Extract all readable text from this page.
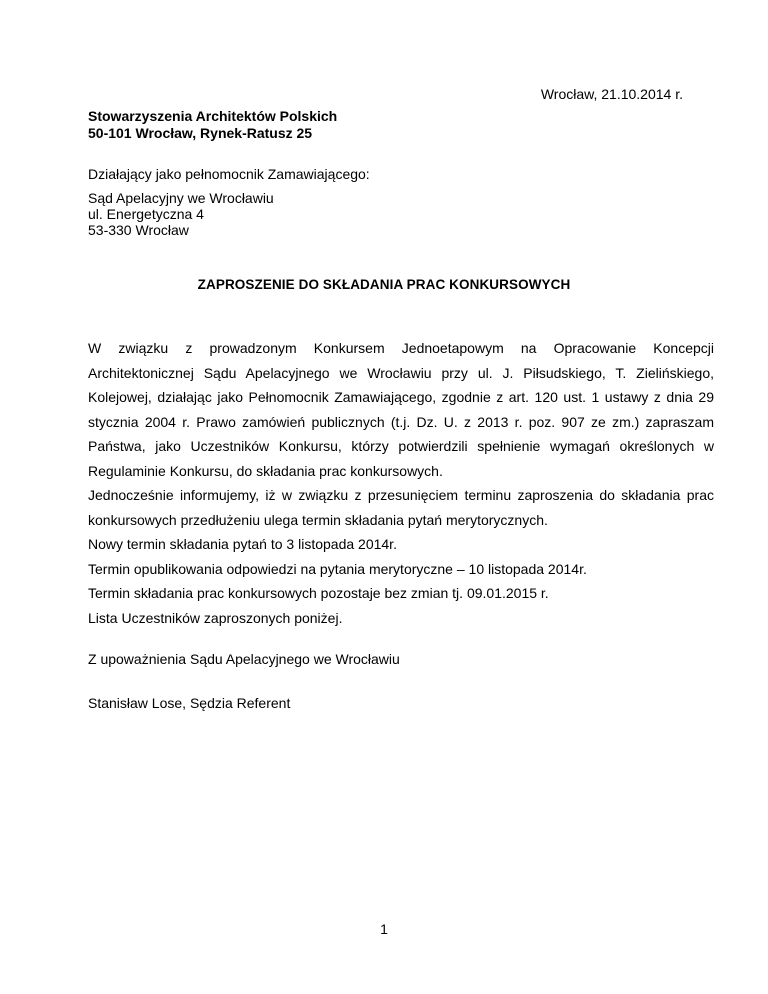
Wrocław, 21.10.2014 r.
Stowarzyszenia Architektów Polskich
50-101 Wrocław, Rynek-Ratusz 25
Działający jako pełnomocnik Zamawiającego:
Sąd Apelacyjny we Wrocławiu
ul. Energetyczna 4
53-330 Wrocław
ZAPROSZENIE DO SKŁADANIA PRAC KONKURSOWYCH

W związku z prowadzonym Konkursem Jednoetapowym na Opracowanie Koncepcji Architektonicznej Sądu Apelacyjnego we Wrocławiu przy ul. J. Piłsudskiego, T. Zielińskiego, Kolejowej, działając jako Pełnomocnik Zamawiającego, zgodnie z art. 120 ust. 1 ustawy z dnia 29 stycznia 2004 r. Prawo zamówień publicznych (t.j. Dz. U. z 2013 r. poz. 907 ze zm.) zapraszam Państwa, jako Uczestników Konkursu, którzy potwierdzili spełnienie wymagań określonych w Regulaminie Konkursu, do składania prac konkursowych.

Jednocześnie informujemy, iż w związku z przesunięciem terminu zaproszenia do składania prac konkursowych przedłużeniu ulega termin składania pytań merytorycznych.

Nowy termin składania pytań to 3 listopada 2014r.

Termin opublikowania odpowiedzi na pytania merytoryczne – 10 listopada 2014r.

Termin składania prac konkursowych pozostaje bez zmian tj. 09.01.2015 r.

Lista Uczestników zaproszonych poniżej.

Z upoważnienia Sądu Apelacyjnego we Wrocławiu
Stanisław Lose, Sędzia Referent
1
